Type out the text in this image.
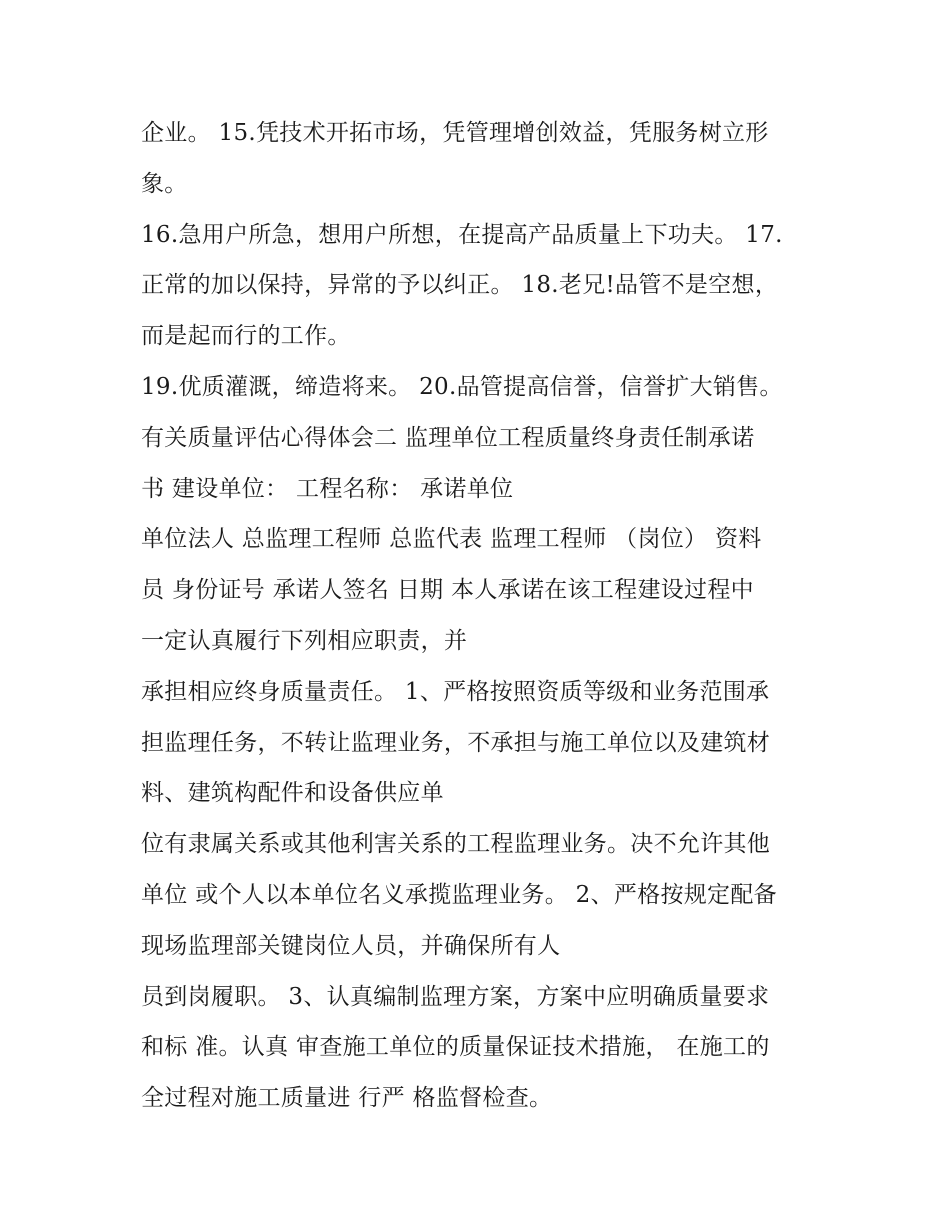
企业。 15.凭技术开拓市场，凭管理增创效益，凭服务树立形
象。
16.急用户所急，想用户所想，在提高产品质量上下功夫。 17.
正常的加以保持，异常的予以纠正。 18.老兄!品管不是空想，
而是起而行的工作。
19.优质灌溉，缔造将来。 20.品管提高信誉，信誉扩大销售。
有关质量评估心得体会二 监理单位工程质量终身责任制承诺
书 建设单位： 工程名称： 承诺单位
单位法人 总监理工程师 总监代表 监理工程师 （岗位） 资料
员 身份证号 承诺人签名 日期 本人承诺在该工程建设过程中
一定认真履行下列相应职责，并
承担相应终身质量责任。 1、严格按照资质等级和业务范围承
担监理任务，不转让监理业务，不承担与施工单位以及建筑材
料、建筑构配件和设备供应单
位有隶属关系或其他利害关系的工程监理业务。决不允许其他
单位 或个人以本单位名义承揽监理业务。 2、严格按规定配备
现场监理部关键岗位人员，并确保所有人
员到岗履职。 3、认真编制监理方案，方案中应明确质量要求
和标 准。认真 审查施工单位的质量保证技术措施， 在施工的
全过程对施工质量进 行严 格监督检查。
